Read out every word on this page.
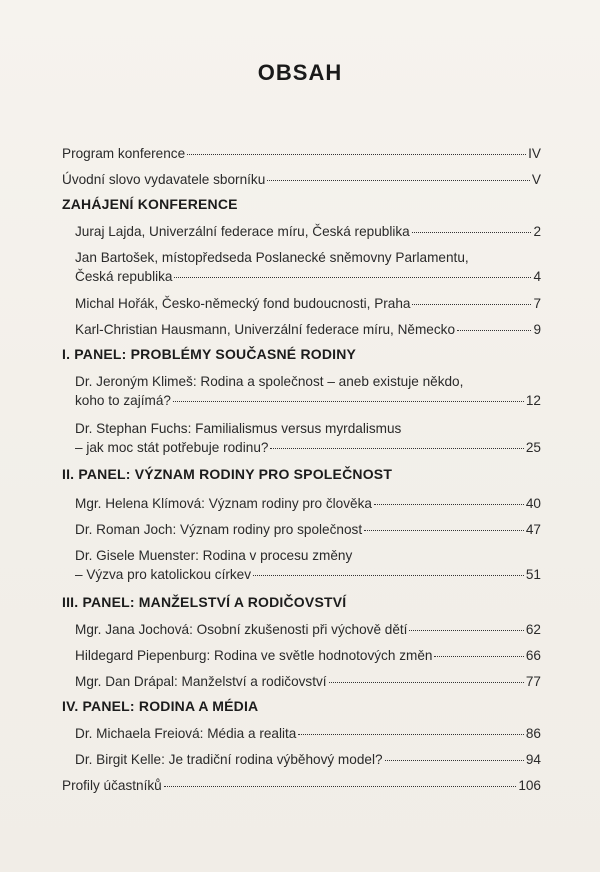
OBSAH
Program konference	IV
Úvodní slovo vydavatele sborníku	V
ZAHÁJENÍ KONFERENCE
Juraj Lajda, Univerzální federace míru, Česká republika	2
Jan Bartošek, místopředseda Poslanecké sněmovny Parlamentu,
Česká republika	4
Michal Hořák, Česko-německý fond budoucnosti, Praha	7
Karl-Christian Hausmann, Univerzální federace míru, Německo	9
I. PANEL: PROBLÉMY SOUČASNÉ RODINY
Dr. Jeroným Klimeš: Rodina a společnost – aneb existuje někdo,
koho to zajímá?	12
Dr. Stephan Fuchs: Familialismus versus myrdalismus
– jak moc stát potřebuje rodinu?	25
II. PANEL: VÝZNAM RODINY PRO SPOLEČNOST
Mgr. Helena Klímová: Význam rodiny pro člověka	40
Dr. Roman Joch: Význam rodiny pro společnost	47
Dr. Gisele Muenster: Rodina v procesu změny
– Výzva pro katolickou církev	51
III. PANEL: MANŽELSTVÍ A RODIČOVSTVÍ
Mgr. Jana Jochová: Osobní zkušenosti při výchově dětí	62
Hildegard Piepenburg: Rodina ve světle hodnotových změn	66
Mgr. Dan Drápal: Manželství a rodičovství	77
IV. PANEL: RODINA A MÉDIA
Dr. Michaela Freiová: Média a realita	86
Dr. Birgit Kelle: Je tradiční rodina výběhový model?	94
Profily účastníků	106
